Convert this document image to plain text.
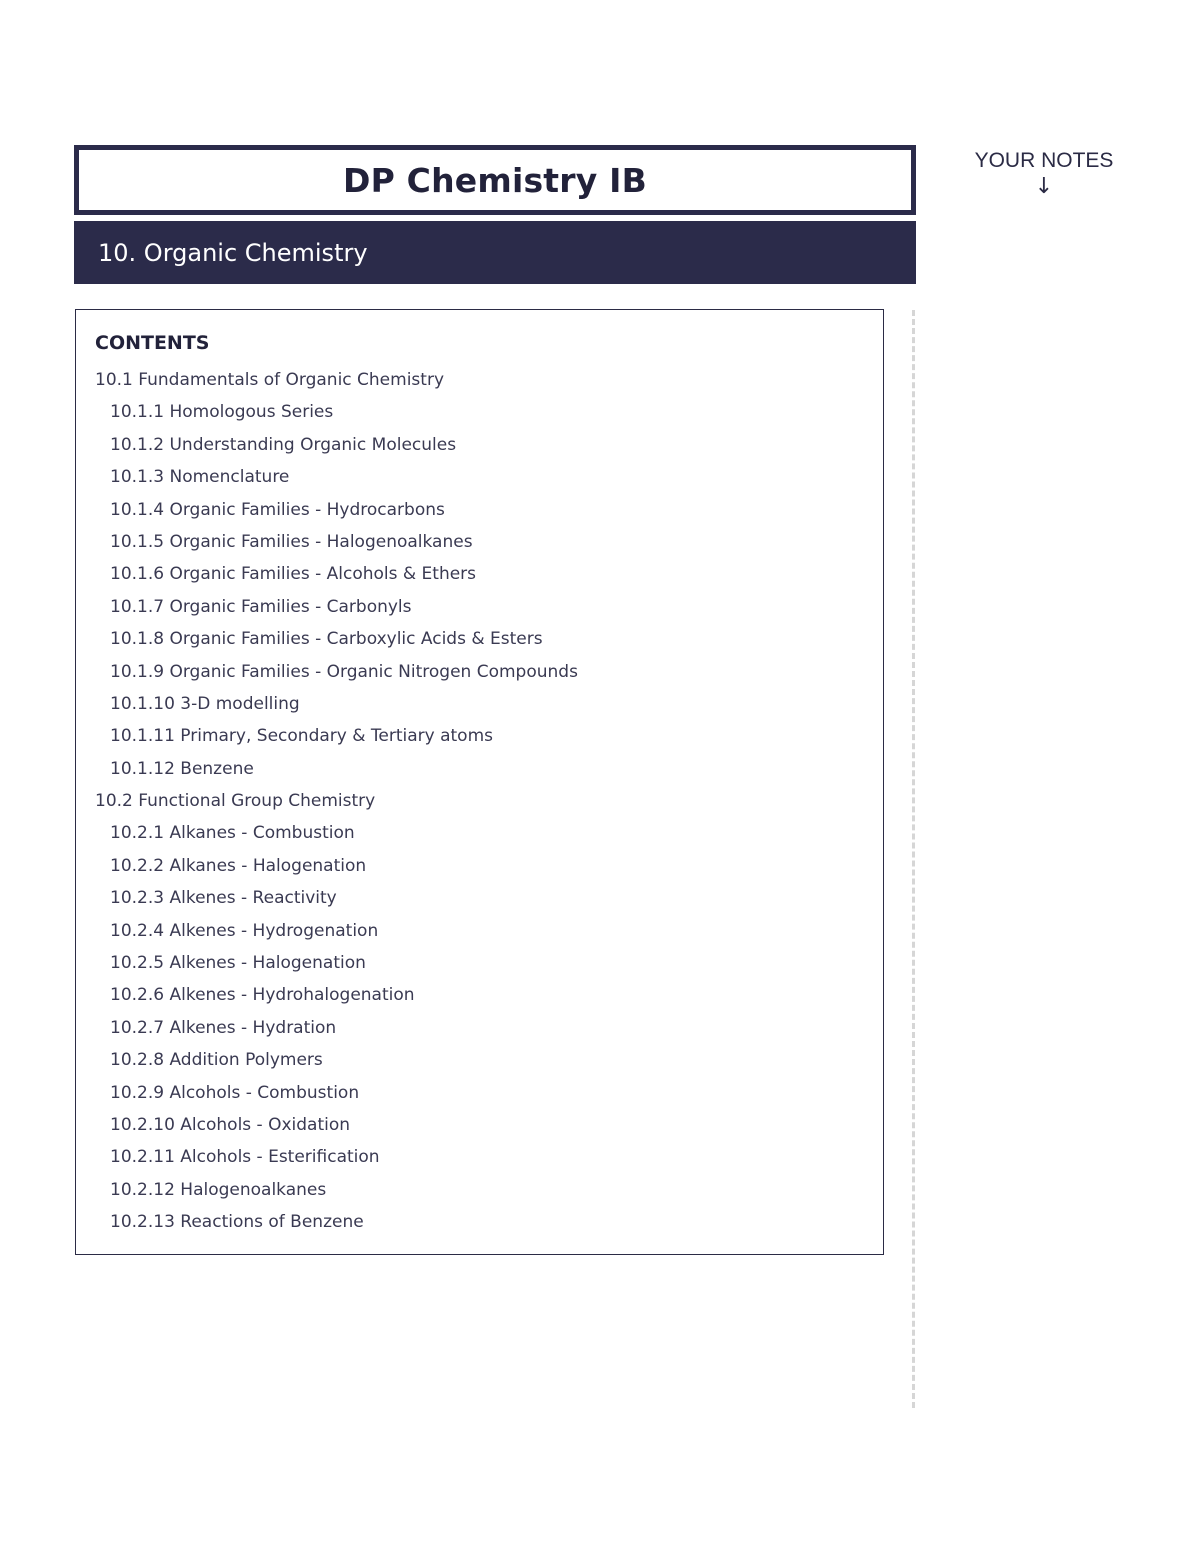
DP Chemistry IB
10. Organic Chemistry
YOUR NOTES
↓
CONTENTS
10.1 Fundamentals of Organic Chemistry
10.1.1 Homologous Series
10.1.2 Understanding Organic Molecules
10.1.3 Nomenclature
10.1.4 Organic Families - Hydrocarbons
10.1.5 Organic Families - Halogenoalkanes
10.1.6 Organic Families - Alcohols & Ethers
10.1.7 Organic Families - Carbonyls
10.1.8 Organic Families - Carboxylic Acids & Esters
10.1.9 Organic Families - Organic Nitrogen Compounds
10.1.10 3-D modelling
10.1.11 Primary, Secondary & Tertiary atoms
10.1.12 Benzene
10.2 Functional Group Chemistry
10.2.1 Alkanes - Combustion
10.2.2 Alkanes - Halogenation
10.2.3 Alkenes - Reactivity
10.2.4 Alkenes - Hydrogenation
10.2.5 Alkenes - Halogenation
10.2.6 Alkenes - Hydrohalogenation
10.2.7 Alkenes - Hydration
10.2.8 Addition Polymers
10.2.9 Alcohols - Combustion
10.2.10 Alcohols - Oxidation
10.2.11 Alcohols - Esterification
10.2.12 Halogenoalkanes
10.2.13 Reactions of Benzene
